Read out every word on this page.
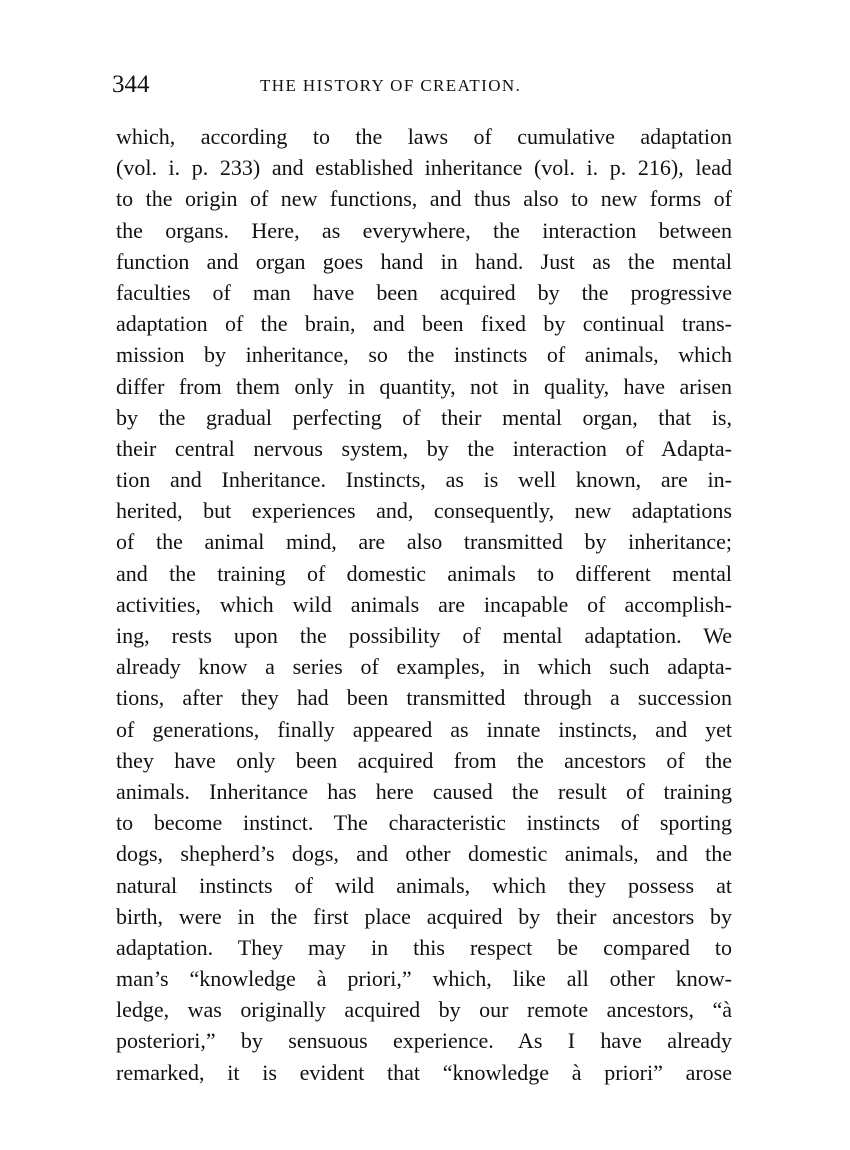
344	THE HISTORY OF CREATION.
which, according to the laws of cumulative adaptation
(vol. i. p. 233) and established inheritance (vol. i. p. 216), lead
to the origin of new functions, and thus also to new forms of
the organs. Here, as everywhere, the interaction between
function and organ goes hand in hand. Just as the mental
faculties of man have been acquired by the progressive
adaptation of the brain, and been fixed by continual trans-
mission by inheritance, so the instincts of animals, which
differ from them only in quantity, not in quality, have arisen
by the gradual perfecting of their mental organ, that is,
their central nervous system, by the interaction of Adapta-
tion and Inheritance. Instincts, as is well known, are in-
herited, but experiences and, consequently, new adaptations
of the animal mind, are also transmitted by inheritance;
and the training of domestic animals to different mental
activities, which wild animals are incapable of accomplish-
ing, rests upon the possibility of mental adaptation. We
already know a series of examples, in which such adapta-
tions, after they had been transmitted through a succession
of generations, finally appeared as innate instincts, and yet
they have only been acquired from the ancestors of the
animals. Inheritance has here caused the result of training
to become instinct. The characteristic instincts of sporting
dogs, shepherd’s dogs, and other domestic animals, and the
natural instincts of wild animals, which they possess at
birth, were in the first place acquired by their ancestors by
adaptation. They may in this respect be compared to
man’s “knowledge à priori,” which, like all other know-
ledge, was originally acquired by our remote ancestors, “à
posteriori,” by sensuous experience. As I have already
remarked, it is evident that “knowledge à priori” arose
